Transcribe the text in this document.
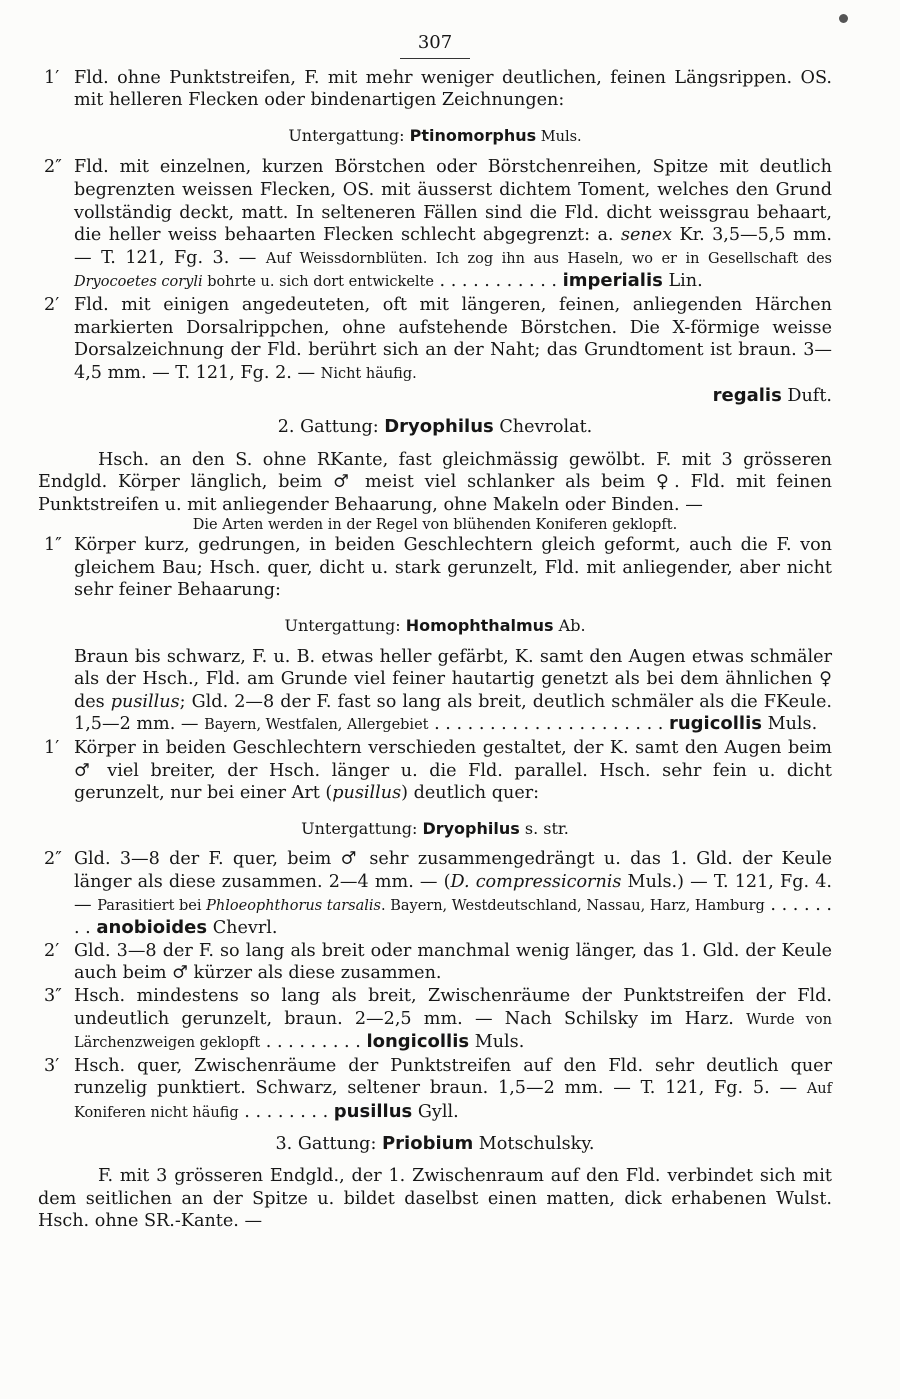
307
1′ Fld. ohne Punktstreifen, F. mit mehr weniger deutlichen, feinen Längsrippen. OS. mit helleren Flecken oder bindenartigen Zeichnungen:
Untergattung: Ptinomorphus Muls.
2″ Fld. mit einzelnen, kurzen Börstchen oder Börstchenreihen, Spitze mit deutlich begrenzten weissen Flecken, OS. mit äusserst dichtem Toment, welches den Grund vollständig deckt, matt. In selteneren Fällen sind die Fld. dicht weissgrau behaart, die heller weiss behaarten Flecken schlecht abgegrenzt: a. senex Kr. 3,5—5,5 mm. — T. 121, Fg. 3. — Auf Weissdornblüten. Ich zog ihn aus Haseln, wo er in Gesellschaft des Dryocoetes coryli bohrte u. sich dort entwickelte . . . . . . . . . . . imperialis Lin.
2′ Fld. mit einigen angedeuteten, oft mit längeren, feinen, anliegenden Härchen markierten Dorsalrippchen, ohne aufstehende Börstchen. Die X-förmige weisse Dorsalzeichnung der Fld. berührt sich an der Naht; das Grundtoment ist braun. 3—4,5 mm. — T. 121, Fg. 2. — Nicht häufig.
regalis Duft.
2. Gattung: Dryophilus Chevrolat.
Hsch. an den S. ohne RKante, fast gleichmässig gewölbt. F. mit 3 grösseren Endgld. Körper länglich, beim ♂ meist viel schlanker als beim ♀. Fld. mit feinen Punktstreifen u. mit anliegender Behaarung, ohne Makeln oder Binden. —
Die Arten werden in der Regel von blühenden Koniferen geklopft.
1″ Körper kurz, gedrungen, in beiden Geschlechtern gleich geformt, auch die F. von gleichem Bau; Hsch. quer, dicht u. stark gerunzelt, Fld. mit anliegender, aber nicht sehr feiner Behaarung:
Untergattung: Homophthalmus Ab.
Braun bis schwarz, F. u. B. etwas heller gefärbt, K. samt den Augen etwas schmäler als der Hsch., Fld. am Grunde viel feiner hautartig genetzt als bei dem ähnlichen ♀ des pusillus; Gld. 2—8 der F. fast so lang als breit, deutlich schmäler als die FKeule. 1,5—2 mm. — Bayern, Westfalen, Allergebiet . . . . . . . . . . . . . . . . . . . . . rugicollis Muls.
1′ Körper in beiden Geschlechtern verschieden gestaltet, der K. samt den Augen beim ♂ viel breiter, der Hsch. länger u. die Fld. parallel. Hsch. sehr fein u. dicht gerunzelt, nur bei einer Art (pusillus) deutlich quer:
Untergattung: Dryophilus s. str.
2″ Gld. 3—8 der F. quer, beim ♂ sehr zusammengedrängt u. das 1. Gld. der Keule länger als diese zusammen. 2—4 mm. — (D. compressicornis Muls.) — T. 121, Fg. 4. — Parasitiert bei Phloeophthorus tarsalis. Bayern, Westdeutschland, Nassau, Harz, Hamburg . . . . . . . . anobioides Chevrl.
2′ Gld. 3—8 der F. so lang als breit oder manchmal wenig länger, das 1. Gld. der Keule auch beim ♂ kürzer als diese zusammen.
3″ Hsch. mindestens so lang als breit, Zwischenräume der Punktstreifen der Fld. undeutlich gerunzelt, braun. 2—2,5 mm. — Nach Schilsky im Harz. Wurde von Lärchenzweigen geklopft . . . . . . . . . longicollis Muls.
3′ Hsch. quer, Zwischenräume der Punktstreifen auf den Fld. sehr deutlich quer runzelig punktiert. Schwarz, seltener braun. 1,5—2 mm. — T. 121, Fg. 5. — Auf Koniferen nicht häufig . . . . . . . . pusillus Gyll.
3. Gattung: Priobium Motschulsky.
F. mit 3 grösseren Endgld., der 1. Zwischenraum auf den Fld. verbindet sich mit dem seitlichen an der Spitze u. bildet daselbst einen matten, dick erhabenen Wulst. Hsch. ohne SR.-Kante. —
